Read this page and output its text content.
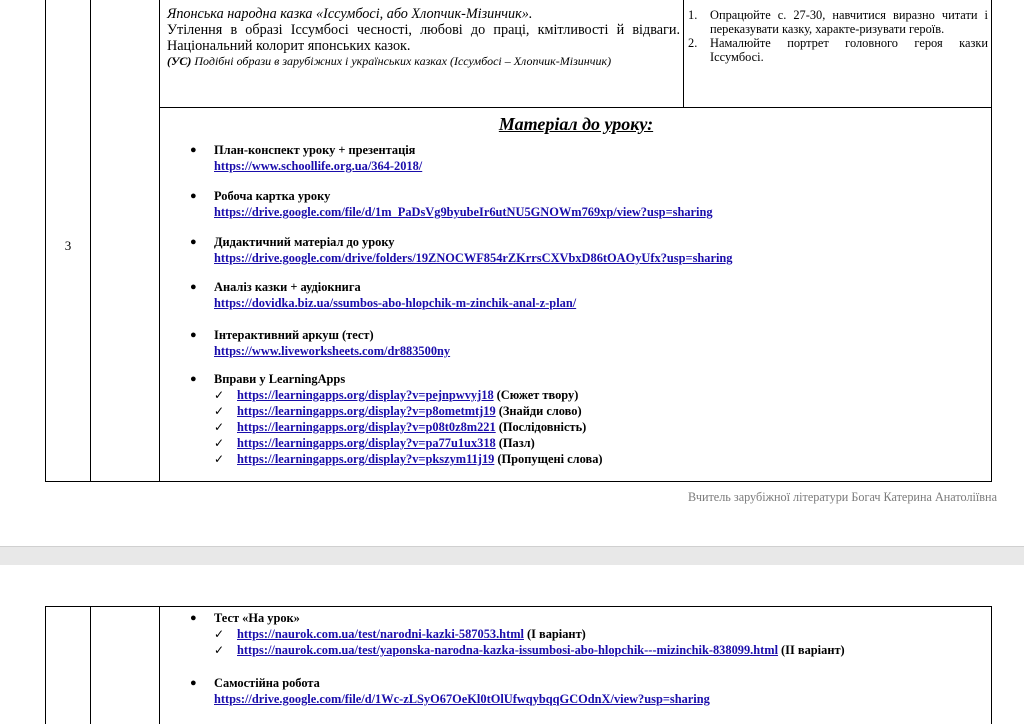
3
Японська народна казка «Іссумбосі, або Хлопчик-Мізинчик».
Утілення в образі Іссумбосі чесності, любові до праці, кмітливості й відваги. Національний колорит японських казок.
(УС) Подібні образи в зарубіжних і українських казках (Іссумбосі – Хлопчик-Мізинчик)
1.	Опрацюйте с. 27-30, навчитися виразно читати і переказувати казку, характе-ризувати героїв.
2.	Намалюйте портрет головного героя казки Іссумбосі.
Матеріал до уроку:
●	План-конспект уроку + презентація
https://www.schoollife.org.ua/364-2018/
●	Робоча картка уроку
https://drive.google.com/file/d/1m_PaDsVg9byubeIr6utNU5GNOWm769xp/view?usp=sharing
●	Дидактичний матеріал до уроку
https://drive.google.com/drive/folders/19ZNOCWF854rZKrrsCXVbxD86tOAOyUfx?usp=sharing
●	Аналіз казки + аудіокнига
https://dovidka.biz.ua/ssumbos-abo-hlopchik-m-zinchik-anal-z-plan/
●	Інтерактивний аркуш (тест)
https://www.liveworksheets.com/dr883500ny
●	Вправи у LearningApps
✓	https://learningapps.org/display?v=pejnpwvyj18 (Сюжет твору)
✓	https://learningapps.org/display?v=p8ometmtj19 (Знайди слово)
✓	https://learningapps.org/display?v=p08t0z8m221 (Послідовність)
✓	https://learningapps.org/display?v=pa77u1ux318 (Пазл)
✓	https://learningapps.org/display?v=pkszym11j19 (Пропущені слова)
Вчитель зарубіжної літератури Богач Катерина Анатоліївна
●	Тест «На урок»
✓	https://naurok.com.ua/test/narodni-kazki-587053.html (І варіант)
✓	https://naurok.com.ua/test/yaponska-narodna-kazka-issumbosi-abo-hlopchik---mizinchik-838099.html (ІІ варіант)
●	Самостійна робота
https://drive.google.com/file/d/1Wc-zLSyO67OeKl0tOlUfwqybqqGCOdnX/view?usp=sharing
